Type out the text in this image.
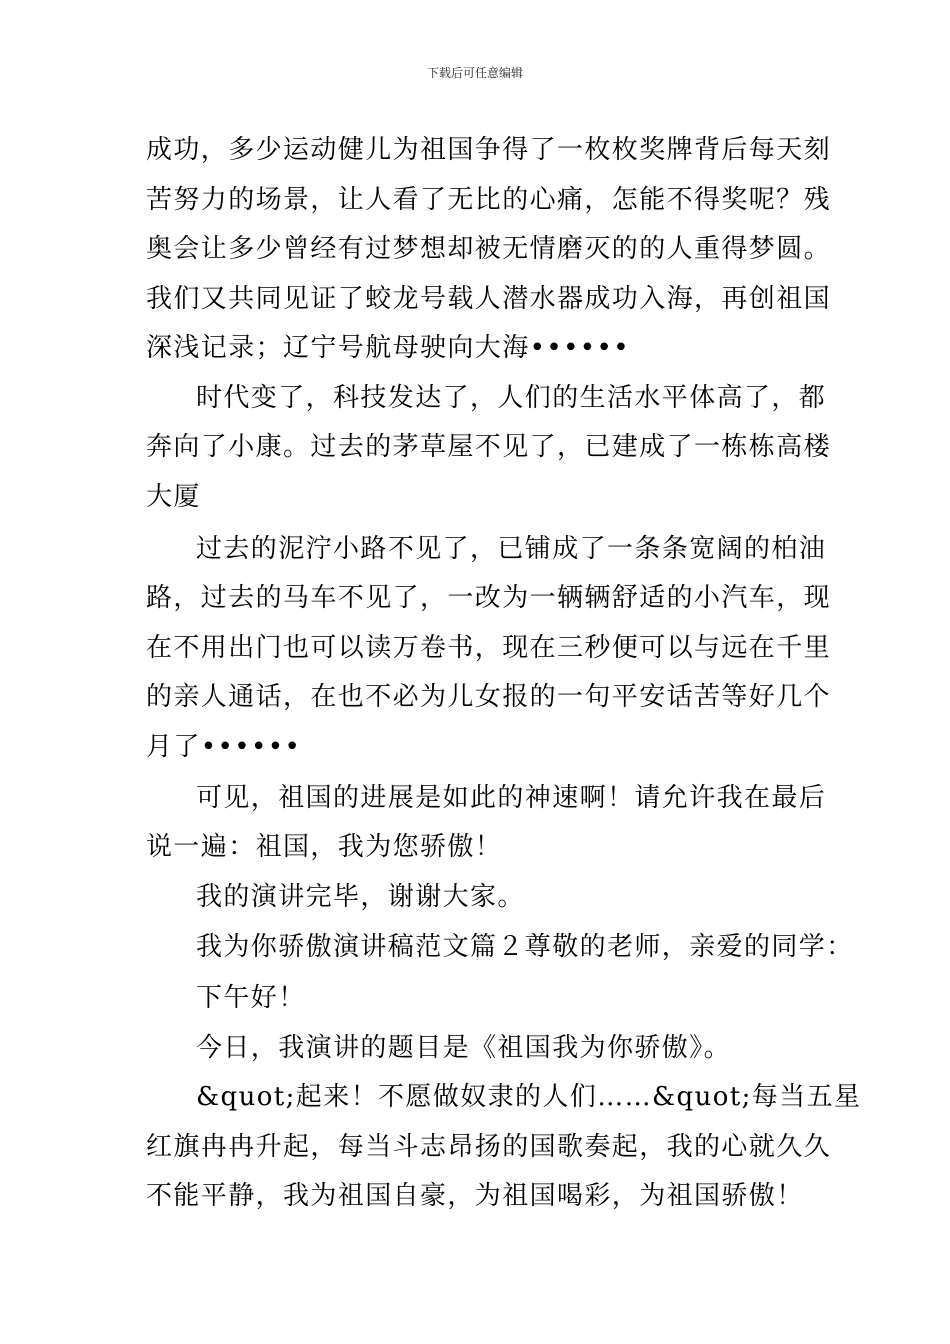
下载后可任意编辑
成功，多少运动健儿为祖国争得了一枚枚奖牌背后每天刻
苦努力的场景，让人看了无比的心痛，怎能不得奖呢？残
奥会让多少曾经有过梦想却被无情磨灭的的人重得梦圆。
我们又共同见证了蛟龙号载人潜水器成功入海，再创祖国
深浅记录；辽宁号航母驶向大海••••••
时代变了，科技发达了，人们的生活水平体高了，都
奔向了小康。过去的茅草屋不见了，已建成了一栋栋高楼
大厦
过去的泥泞小路不见了，已铺成了一条条宽阔的柏油
路，过去的马车不见了，一改为一辆辆舒适的小汽车，现
在不用出门也可以读万卷书，现在三秒便可以与远在千里
的亲人通话，在也不必为儿女报的一句平安话苦等好几个
月了••••••
可见，祖国的进展是如此的神速啊！请允许我在最后
说一遍：祖国，我为您骄傲！
我的演讲完毕，谢谢大家。
我为你骄傲演讲稿范文篇２尊敬的老师，亲爱的同学：
下午好！
今日，我演讲的题目是《祖国我为你骄傲》。
&quot;起来！不愿做奴隶的人们……&quot;每当五星
红旗冉冉升起，每当斗志昂扬的国歌奏起，我的心就久久
不能平静，我为祖国自豪，为祖国喝彩，为祖国骄傲！
